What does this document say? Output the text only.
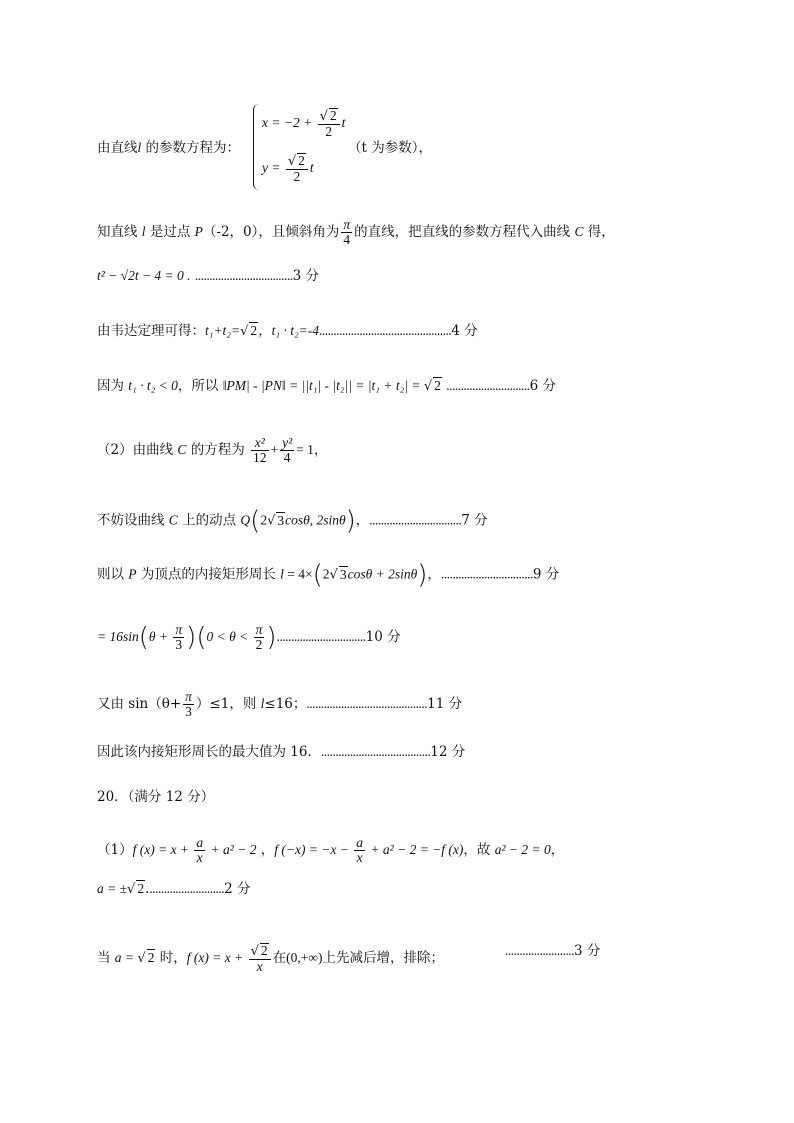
由直线l 的参数方程为：
$x = -2 + \frac{√ 2}{2}$ t
$y = \frac{√ 2}{2}$ t
（t 为参数），
知直线 l 是过点 P（-2，0），且倾斜角为 $\frac{\pi}{4}$ 的直线，把直线的参数方程代入曲线 C 得，
t² − √2t − 4 = 0 . ..................................3 分
由韦达定理可得：t₁+t₂=√ 2，t₁ · t₂=-4..............................................4 分
因为 t₁ · t₂ < 0，所以 ‖PM| - |PN‖ = ||t₁| - |t₂|| = |t₁ + t₂| = √ 2 .............................6 分
（2）由曲线 C 的方程为 $\frac{\text{x²}}{12} + \frac{\text{y²}}{4} = 1$，
不妨设曲线 C 上的动点 Q(2√ 3cosθ, 2sinθ)，................................7 分
则以 P 为顶点的内接矩形周长 l = 4×(2√ 3cosθ + 2sinθ)，................................9 分
= $16\sin(\theta + \frac{\pi}{3} )(0 < \theta < \frac{\pi}{2} )...............................10$ 分
又由 $\sin(\theta+ \frac{\pi}{3} )\le 1$，则 l≤16；..........................................11 分
因此该内接矩形周长的最大值为 16．......................................12 分
20．（满分 12 分）
（1）f $(x) = x + \frac{a}{x} + a^2 - 2$ ，f $(-x) = -x - \frac{a}{x} + a^2 - 2 = -f$ (x)，故 a² − 2 = 0，
a = ±√ 2...........................2 分
当 a = √ 2 时，f $(x) = x + \frac{√ 2}{x}$ 在(0,+∞)上先减后增，排除；	........................3 分
